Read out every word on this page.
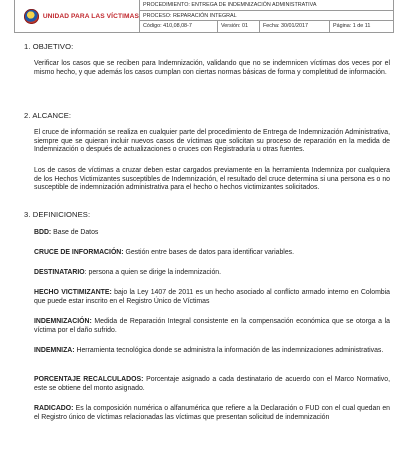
UNIDAD PARA LAS VÍCTIMAS
PROCEDIMIENTO: ENTREGA DE INDEMNIZACIÓN ADMINISTRATIVA
PROCESO: REPARACIÓN INTEGRAL
Código: 410,08,08-7	Versión: 01	Fecha: 30/01/2017	Página: 1 de 11
1. OBJETIVO:
Verificar los casos que se reciben para Indemnización, validando que no se indemnicen víctimas dos veces por el mismo hecho, y que además los casos cumplan con ciertas normas básicas de forma y completitud de información.
2. ALCANCE:
El cruce de información se realiza en cualquier parte del procedimiento de Entrega de Indemnización Administrativa, siempre que se quieran incluir nuevos casos de víctimas que solicitan su proceso de reparación en la medida de Indemnización o después de actualizaciones o cruces con Registraduría u otras fuentes.
Los de casos de víctimas a cruzar deben estar cargados previamente en la herramienta Indemniza por cualquiera de los Hechos Victimizantes susceptibles de Indemnización, el resultado del cruce determina si una persona es o no susceptible de indemnización administrativa para el hecho o hechos victimizantes solicitados.
3. DEFINICIONES:
BDD: Base de Datos
CRUCE DE INFORMACIÓN: Gestión entre bases de datos para identificar variables.
DESTINATARIO: persona a quien se dirige la indemnización.
HECHO VICTIMIZANTE: bajo la Ley 1407 de 2011 es un hecho asociado al conflicto armado interno en Colombia que puede estar inscrito en el Registro Único de Víctimas
INDEMNIZACIÓN: Medida de Reparación Integral consistente en la compensación económica que se otorga a la víctima por el daño sufrido.
INDEMNIZA: Herramienta tecnológica donde se administra la información de las indemnizaciones administrativas.
PORCENTAJE RECALCULADOS: Porcentaje asignado a cada destinatario de acuerdo con el Marco Normativo, este se obtiene del monto asignado.
RADICADO: Es la composición numérica o alfanumérica que refiere a la Declaración o FUD con el cual quedan en el Registro único de víctimas relacionadas las víctimas que presentan solicitud de indemnización
